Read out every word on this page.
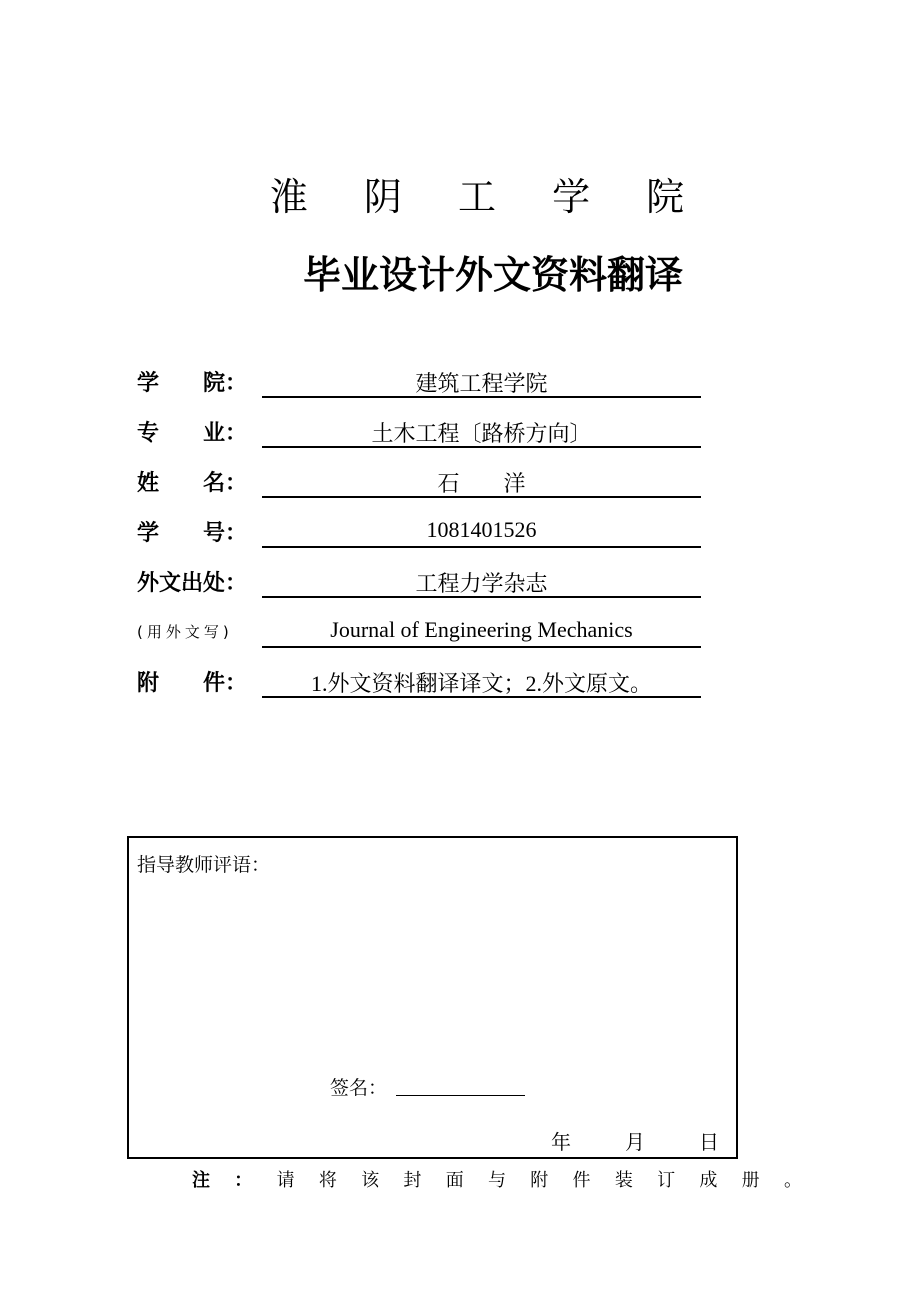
淮 阴 工 学 院
毕业设计外文资料翻译
学　　院：	建筑工程学院
专　　业：	土木工程〔路桥方向〕
姓　　名：	石　　洋
学　　号：	1081401526
外文出处：	工程力学杂志
(用外文写)	Journal of Engineering Mechanics
附　　件：	1.外文资料翻译译文；2.外文原文。
指导教师评语：
签名：
年	月	日
注 ： 请 将 该 封 面 与 附 件 装 订 成 册 。
